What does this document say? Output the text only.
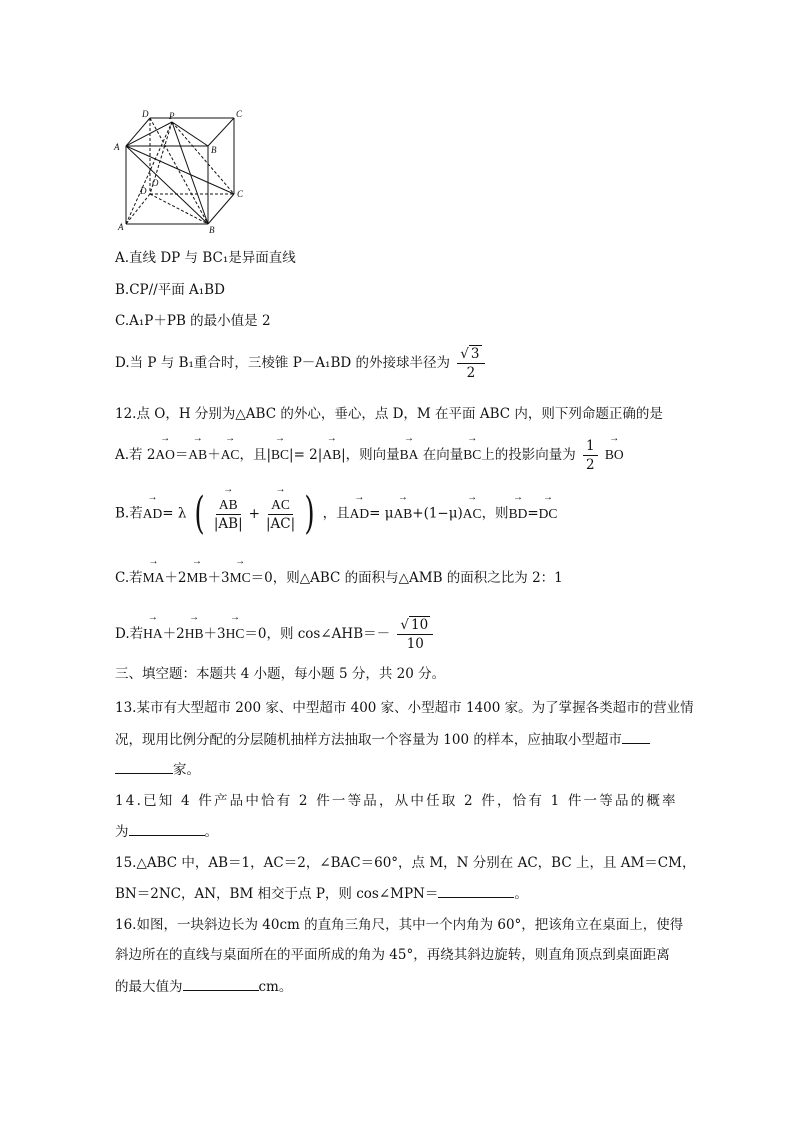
D	C
A	B
P
D	C
A	B
O
A.直线 DP 与 BC₁是异面直线
B.CP//平面 A₁BD
C.A₁P＋PB 的最小值是 2
D.当 P 与 B₁重合时，三棱锥 P－A₁BD 的外接球半径为 $\frac{√ 3}{2}$
12.点 O，H 分别为△ABC 的外心，垂心，点 D，M 在平面 ABC 内，则下列命题正确的是
A.若 2→ AO＝→ AB＋→ AC，且|→ BC|= 2|→ AB|，则向量→ BA 在向量→ BC上的投影向量为 $\frac{1}{2}$ → BO
B.若→ AD= λ ( → $\frac{AB}{|AB|}$ + → $\frac{AC}{|AC|}$ ) ，且→ AD= μ→ AB+(1−μ)→ AC，则→ BD=→ DC
C.若→ MA＋2→ MB＋3→ MC＝0，则△ABC 的面积与△AMB 的面积之比为 2：1
D.若→ HA＋2→ HB＋3→ HC＝0，则 cos∠AHB＝－ $\frac{√ 10}{10}$
三、填空题：本题共 4 小题，每小题 5 分，共 20 分。
13.某市有大型超市 200 家、中型超市 400 家、小型超市 1400 家。为了掌握各类超市的营业情
况，现用比例分配的分层随机抽样方法抽取一个容量为 100 的样本，应抽取小型超市
家。
14.已知 4 件产品中恰有 2 件一等品，从中任取 2 件，恰有 1 件一等品的概率
为	。
15.△ABC 中，AB＝1，AC＝2，∠BAC＝60°，点 M，N 分别在 AC，BC 上，且 AM＝CM，
BN＝2NC，AN，BM 相交于点 P，则 cos∠MPN＝	。
16.如图，一块斜边长为 40cm 的直角三角尺，其中一个内角为 60°，把该角立在桌面上，使得
斜边所在的直线与桌面所在的平面所成的角为 45°，再绕其斜边旋转，则直角顶点到桌面距离
的最大值为	cm。
